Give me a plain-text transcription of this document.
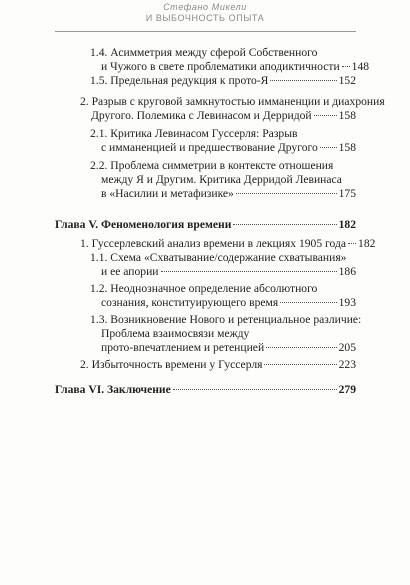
Стефано Микели
И ВЫБОЧНОСТЬ ОПЫТА
1.4. Асимметрия между сферой Собственного
и Чужого в свете проблематики аподиктичности 148
1.5. Предельная редукция к прото-Я	152
2. Разрыв с круговой замкнутостью имманенции и диахрония
Другого. Полемика с Левинасом и Дерридой 158
2.1. Критика Левинасом Гуссерля: Разрыв
с имманенцией и предшествование Другого 158
2.2. Проблема симметрии в контексте отношения
между Я и Другим. Критика Дерридой Левинаса
в «Насилии и метафизике»	175
Глава V. Феноменология времени	182
1. Гуссерлевский анализ времени в лекциях 1905 года 182
1.1. Схема «Схватывание/содержание схватывания»
и ее апории	186
1.2. Неоднозначное определение абсолютного
сознания, конституирующего время	193
1.3. Возникновение Нового и ретенциальное различие:
Проблема взаимосвязи между
прото-впечатлением и ретенцией	205
2. Избыточность времени у Гуссерля	223
Глава VI. Заключение	279
